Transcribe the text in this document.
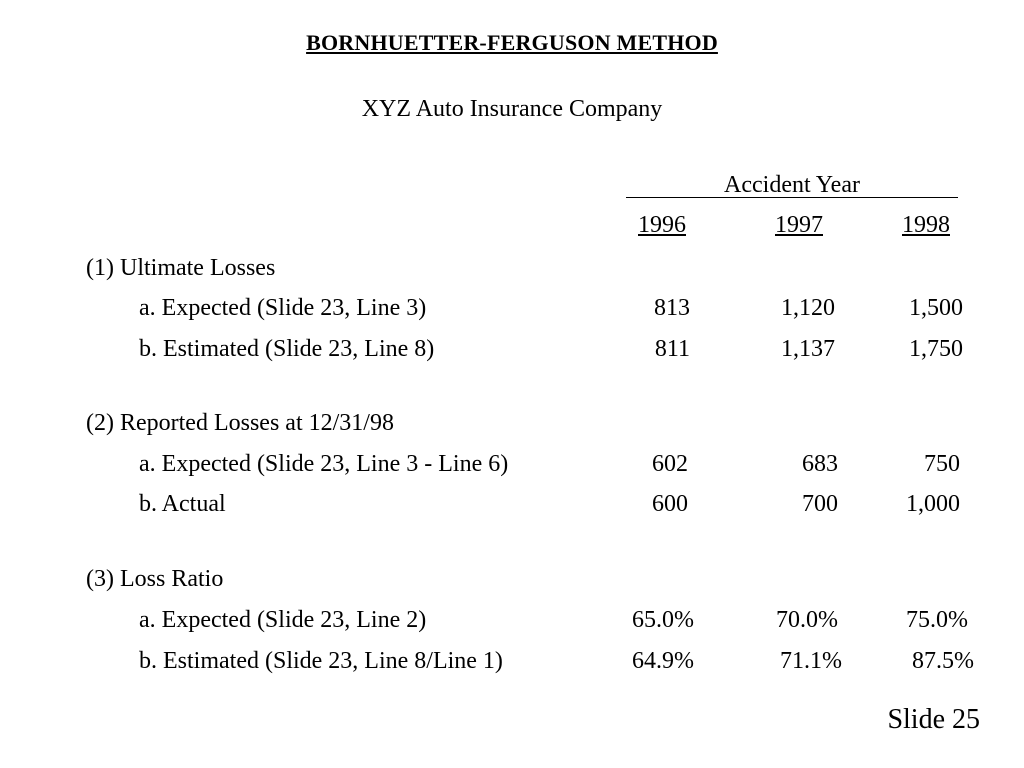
BORNHUETTER-FERGUSON METHOD
XYZ Auto Insurance Company
Accident Year
1996	1997	1998
(1) Ultimate Losses
a. Expected (Slide 23, Line 3)	813	1,120	1,500
b. Estimated (Slide 23, Line 8)	811	1,137	1,750
(2) Reported Losses at 12/31/98
a. Expected (Slide 23, Line 3 - Line 6)	602	683	750
b. Actual	600	700	1,000
(3) Loss Ratio
a. Expected (Slide 23, Line 2)	65.0%	70.0%	75.0%
b. Estimated (Slide 23, Line 8/Line 1)	64.9%	71.1%	87.5%
Slide 25
